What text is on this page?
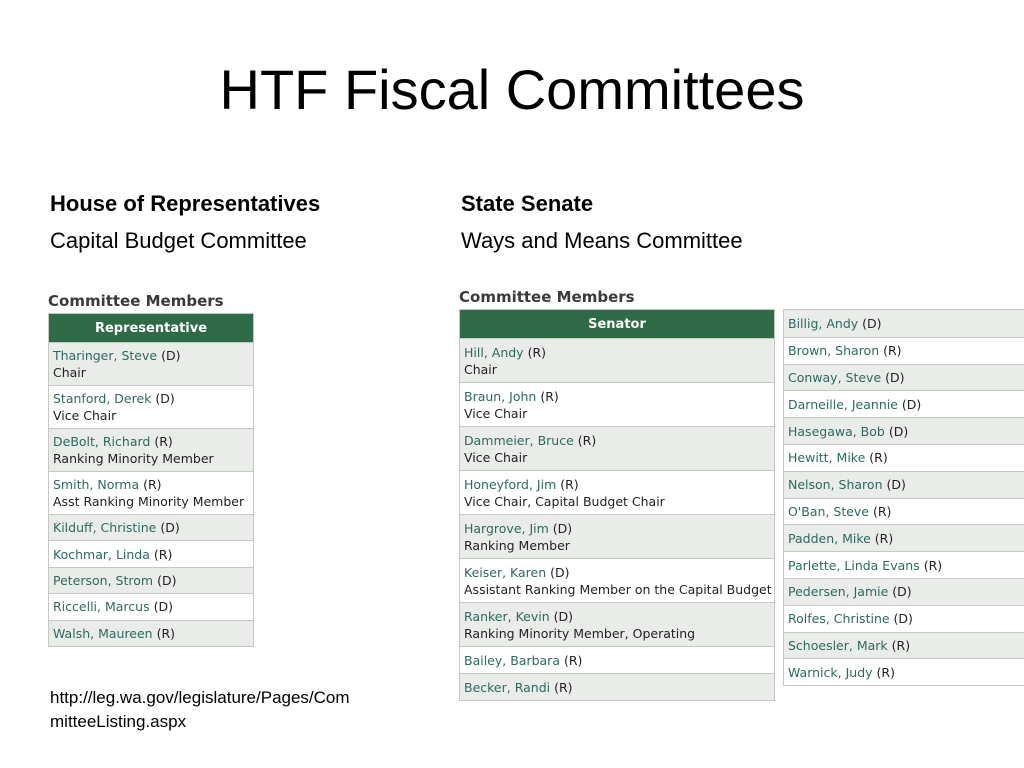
HTF Fiscal Committees
House of Representatives
Capital Budget Committee
Committee Members
Representative
Tharinger, Steve (D)
Chair
Stanford, Derek (D)
Vice Chair
DeBolt, Richard (R)
Ranking Minority Member
Smith, Norma (R)
Asst Ranking Minority Member
Kilduff, Christine (D)
Kochmar, Linda (R)
Peterson, Strom (D)
Riccelli, Marcus (D)
Walsh, Maureen (R)
State Senate
Ways and Means Committee
Committee Members
Senator
Hill, Andy (R)
Chair
Braun, John (R)
Vice Chair
Dammeier, Bruce (R)
Vice Chair
Honeyford, Jim (R)
Vice Chair, Capital Budget Chair
Hargrove, Jim (D)
Ranking Member
Keiser, Karen (D)
Assistant Ranking Member on the Capital Budget
Ranker, Kevin (D)
Ranking Minority Member, Operating
Bailey, Barbara (R)
Becker, Randi (R)
Billig, Andy (D)
Brown, Sharon (R)
Conway, Steve (D)
Darneille, Jeannie (D)
Hasegawa, Bob (D)
Hewitt, Mike (R)
Nelson, Sharon (D)
O'Ban, Steve (R)
Padden, Mike (R)
Parlette, Linda Evans (R)
Pedersen, Jamie (D)
Rolfes, Christine (D)
Schoesler, Mark (R)
Warnick, Judy (R)
http://leg.wa.gov/legislature/Pages/CommitteeListing.aspx
